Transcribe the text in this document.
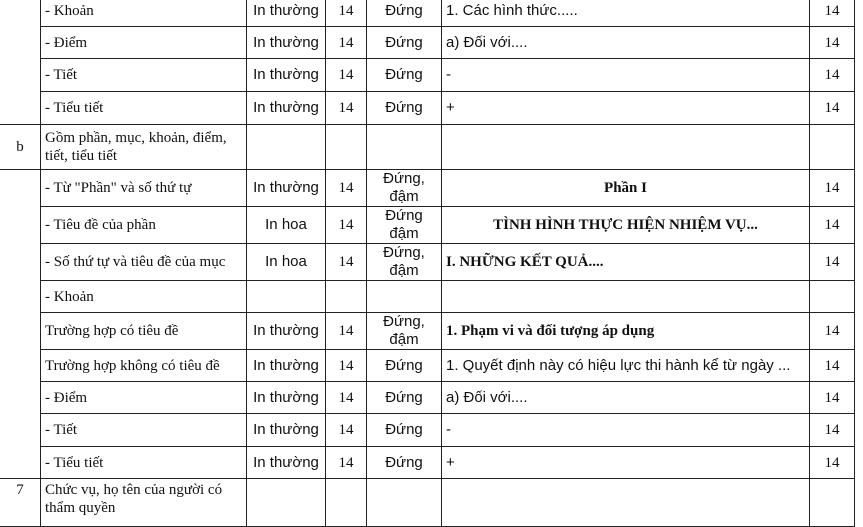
	- Khoản	In thường	14	Đứng	1. Các hình thức.....	14
	- Điểm	In thường	14	Đứng	a) Đối với....	14
	- Tiết	In thường	14	Đứng	-	14
	- Tiểu tiết	In thường	14	Đứng	+	14
b	Gồm phần, mục, khoản, điểm, tiết, tiểu tiết					
	- Từ "Phần" và số thứ tự	In thường	14	Đứng, đậm	Phần I	14
	- Tiêu đề của phần	In hoa	14	Đứng đậm	TÌNH HÌNH THỰC HIỆN NHIỆM VỤ...	14
	- Số thứ tự và tiêu đề của mục	In hoa	14	Đứng, đậm	I. NHỮNG KẾT QUẢ....	14
	- Khoản					
	Trường hợp có tiêu đề	In thường	14	Đứng, đậm	1. Phạm vi và đối tượng áp dụng	14
	Trường hợp không có tiêu đề	In thường	14	Đứng	1. Quyết định này có hiệu lực thi hành kể từ ngày ...	14
	- Điểm	In thường	14	Đứng	a) Đối với....	14
	- Tiết	In thường	14	Đứng	-	14
	- Tiểu tiết	In thường	14	Đứng	+	14
7	Chức vụ, họ tên của người có thẩm quyền					
